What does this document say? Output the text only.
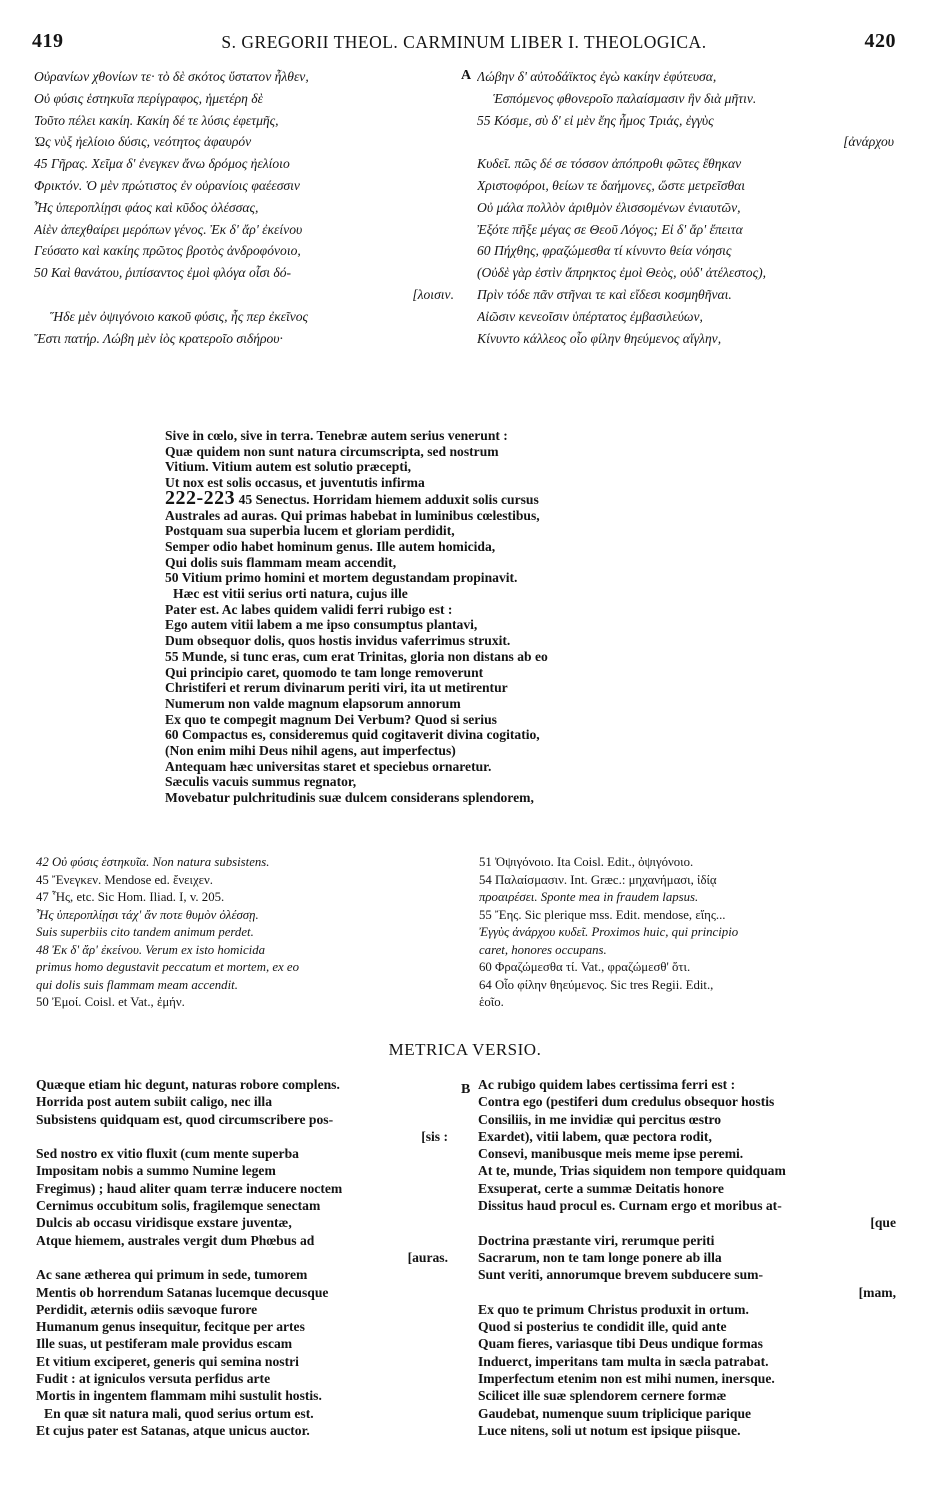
419	S. GREGORII THEOL. CARMINUM LIBER I. THEOLOGICA.	420
A
Οὐρανίων χθονίων τε· τὸ δὲ σκότος ὕστατον ἦλθεν,
Οὐ φύσις ἑστηκυῖα περίγραφος, ἡμετέρη δὲ
Τοῦτο πέλει κακίη. Κακίη δέ τε λύσις ἐφετμῆς,
Ὡς νὺξ ἠελίοιο δύσις, νεότητος ἀφαυρόν
45 Γῆρας. Χεῖμα δ' ἐνεγκεν ἄνω δρόμος ἠελίοιο
Φρικτόν. Ὁ μὲν πρώτιστος ἐν οὐρανίοις φαέεσσιν
Ἧς ὑπεροπλίῃσι φάος καὶ κῦδος ὀλέσσας,
Αἰὲν ἀπεχθαίρει μερόπων γένος. Ἐκ δ' ἄρ' ἐκείνου
Γεύσατο καὶ κακίης πρῶτος βροτὸς ἀνδροφόνοιο,
50 Καὶ θανάτου, ῥιπίσαντος ἐμοὶ φλόγα οἶσι δό-
[λοισιν.
Ἥδε μὲν ὀψιγόνοιο κακοῦ φύσις, ἧς περ ἐκεῖνος
Ἔστι πατήρ. Λώβη μὲν ἰὸς κρατεροῖο σιδήρου·
Λώβην δ' αὐτοδάϊκτος ἐγὼ κακίην ἐφύτευσα,
Ἑσπόμενος φθονεροῖο παλαίσμασιν ἣν διὰ μῆτιν.
55 Κόσμε, σὺ δ' εἰ μὲν ἔης ἦμος Τριάς, ἐγγὺς
[ἀνάρχου
Κυδεῖ. πῶς δέ σε τόσσον ἀπόπροθι φῶτες ἔθηκαν
Χριστοφόροι, θείων τε δαήμονες, ὥστε μετρεῖσθαι
Οὐ μάλα πολλὸν ἀριθμὸν ἑλισσομένων ἐνιαυτῶν,
Ἐξότε πῆξε μέγας σε Θεοῦ Λόγος; Εἰ δ' ἄρ' ἔπειτα
60 Πήχθης, φραζώμεσθα τί κίνυντο θεία νόησις
(Οὐδὲ γὰρ ἐστὶν ἄπρηκτος ἐμοὶ Θεὸς, οὐδ' ἀτέλεστος),
Πρὶν τόδε πᾶν στῆναι τε καὶ εἴδεσι κοσμηθῆναι.
Αἰῶσιν κενεοῖσιν ὑπέρτατος ἐμβασιλεύων,
Κίνυντο κάλλεος οἷο φίλην θηεύμενος αἴγλην,
Sive in cœlo, sive in terra. Tenebræ autem serius venerunt :
Quæ quidem non sunt natura circumscripta, sed nostrum
Vitium. Vitium autem est solutio præcepti,
Ut nox est solis occasus, et juventutis infirma
222-223 45 Senectus. Horridam hiemem adduxit solis cursus
Australes ad auras. Qui primas habebat in luminibus cœlestibus,
Postquam sua superbia lucem et gloriam perdidit,
Semper odio habet hominum genus. Ille autem homicida,
Qui dolis suis flammam meam accendit,
50 Vitium primo homini et mortem degustandam propinavit.
Hæc est vitii serius orti natura, cujus ille
Pater est. Ac labes quidem validi ferri rubigo est :
Ego autem vitii labem a me ipso consumptus plantavi,
Dum obsequor dolis, quos hostis invidus vaferrimus struxit.
55 Munde, si tunc eras, cum erat Trinitas, gloria non distans ab eo
Qui principio caret, quomodo te tam longe removerunt
Christiferi et rerum divinarum periti viri, ita ut metirentur
Numerum non valde magnum elapsorum annorum
Ex quo te compegit magnum Dei Verbum? Quod si serius
60 Compactus es, consideremus quid cogitaverit divina cogitatio,
(Non enim mihi Deus nihil agens, aut imperfectus)
Antequam hæc universitas staret et speciebus ornaretur.
Sæculis vacuis summus regnator,
Movebatur pulchritudinis suæ dulcem considerans splendorem,
42 Οὐ φύσις ἑστηκυῖα. Non natura subsistens.
45 Ἔνεγκεν. Mendose ed. ἔνειχεν.
47 Ἧς, etc. Sic Hom. Iliad. I, v. 205.
Ἧς ὑπεροπλίῃσι τάχ' ἄν ποτε θυμὸν ὀλέσσῃ.
Suis superbiis cito tandem animum perdet.
48 Ἐκ δ' ἄρ' ἐκείνου. Verum ex isto homicida
primus homo degustavit peccatum et mortem, ex eo
qui dolis suis flammam meam accendit.
50 Ἐμοί. Coisl. et Vat., ἐμήν.
51 Ὀψιγόνοιο. Ita Coisl. Edit., ὀψιγόνοιο.
54 Παλαίσμασιν. Int. Græc.: μηχανήμασι, ἰδίᾳ
προαιρέσει. Sponte mea in fraudem lapsus.
55 Ἔης. Sic plerique mss. Edit. mendose, εἴης...
Ἐγγὺς ἀνάρχου κυδεῖ. Proximos huic, qui principio
caret, honores occupans.
60 Φραζώμεσθα τί. Vat., φραζώμεσθ' ὅτι.
64 Οἷο φίλην θηεύμενος. Sic tres Regii. Edit.,
ἑοῖο.
METRICA VERSIO.
B
Quæque etiam hic degunt, naturas robore complens.
Horrida post autem subiit caligo, nec illa
Subsistens quidquam est, quod circumscribere pos-
[sis :
Sed nostro ex vitio fluxit (cum mente superba
Impositam nobis a summo Numine legem
Fregimus) ; haud aliter quam terræ inducere noctem
Cernimus occubitum solis, fragilemque senectam
Dulcis ab occasu viridisque exstare juventæ,
Atque hiemem, australes vergit dum Phœbus ad
[auras.
Ac sane æthereа qui primum in sede, tumorem
Mentis ob horrendum Satanas lucemque decusque
Perdidit, æternis odiis sævoque furore
Humanum genus insequitur, fecitque per artes
Ille suas, ut pestiferam male providus escam
Et vitium exciperet, generis qui semina nostri
Fudit : at igniculos versuta perfidus arte
Mortis in ingentem flammam mihi sustulit hostis.
En quæ sit natura mali, quod serius ortum est.
Et cujus pater est Satanas, atque unicus auctor.
Ac rubigo quidem labes certissima ferri est :
Contra ego (pestiferi dum credulus obsequor hostis
Consiliis, in me invidiæ qui percitus œstro
Exardet), vitii labem, quæ pectora rodit,
Consevi, manibusque meis meme ipse peremi.
At te, munde, Trias siquidem non tempore quidquam
Exsuperat, certe a summæ Deitatis honore
Dissitus haud procul es. Curnam ergo et moribus at-
[que
Doctrina præstante viri, rerumque periti
Sacrarum, non te tam longe ponere ab illa
Sunt veriti, annorumque brevem subducere sum-
[mam,
Ex quo te primum Christus produxit in ortum.
Quod si posterius te condidit ille, quid ante
Quam fieres, variasque tibi Deus undique formas
Induerct, imperitans tam multa in sæcla patrabat.
Imperfectum etenim non est mihi numen, inersque.
Scilicet ille suæ splendorem cernere formæ
Gaudebat, numenque suum triplicique parique
Luce nitens, soli ut notum est ipsique piisque.
